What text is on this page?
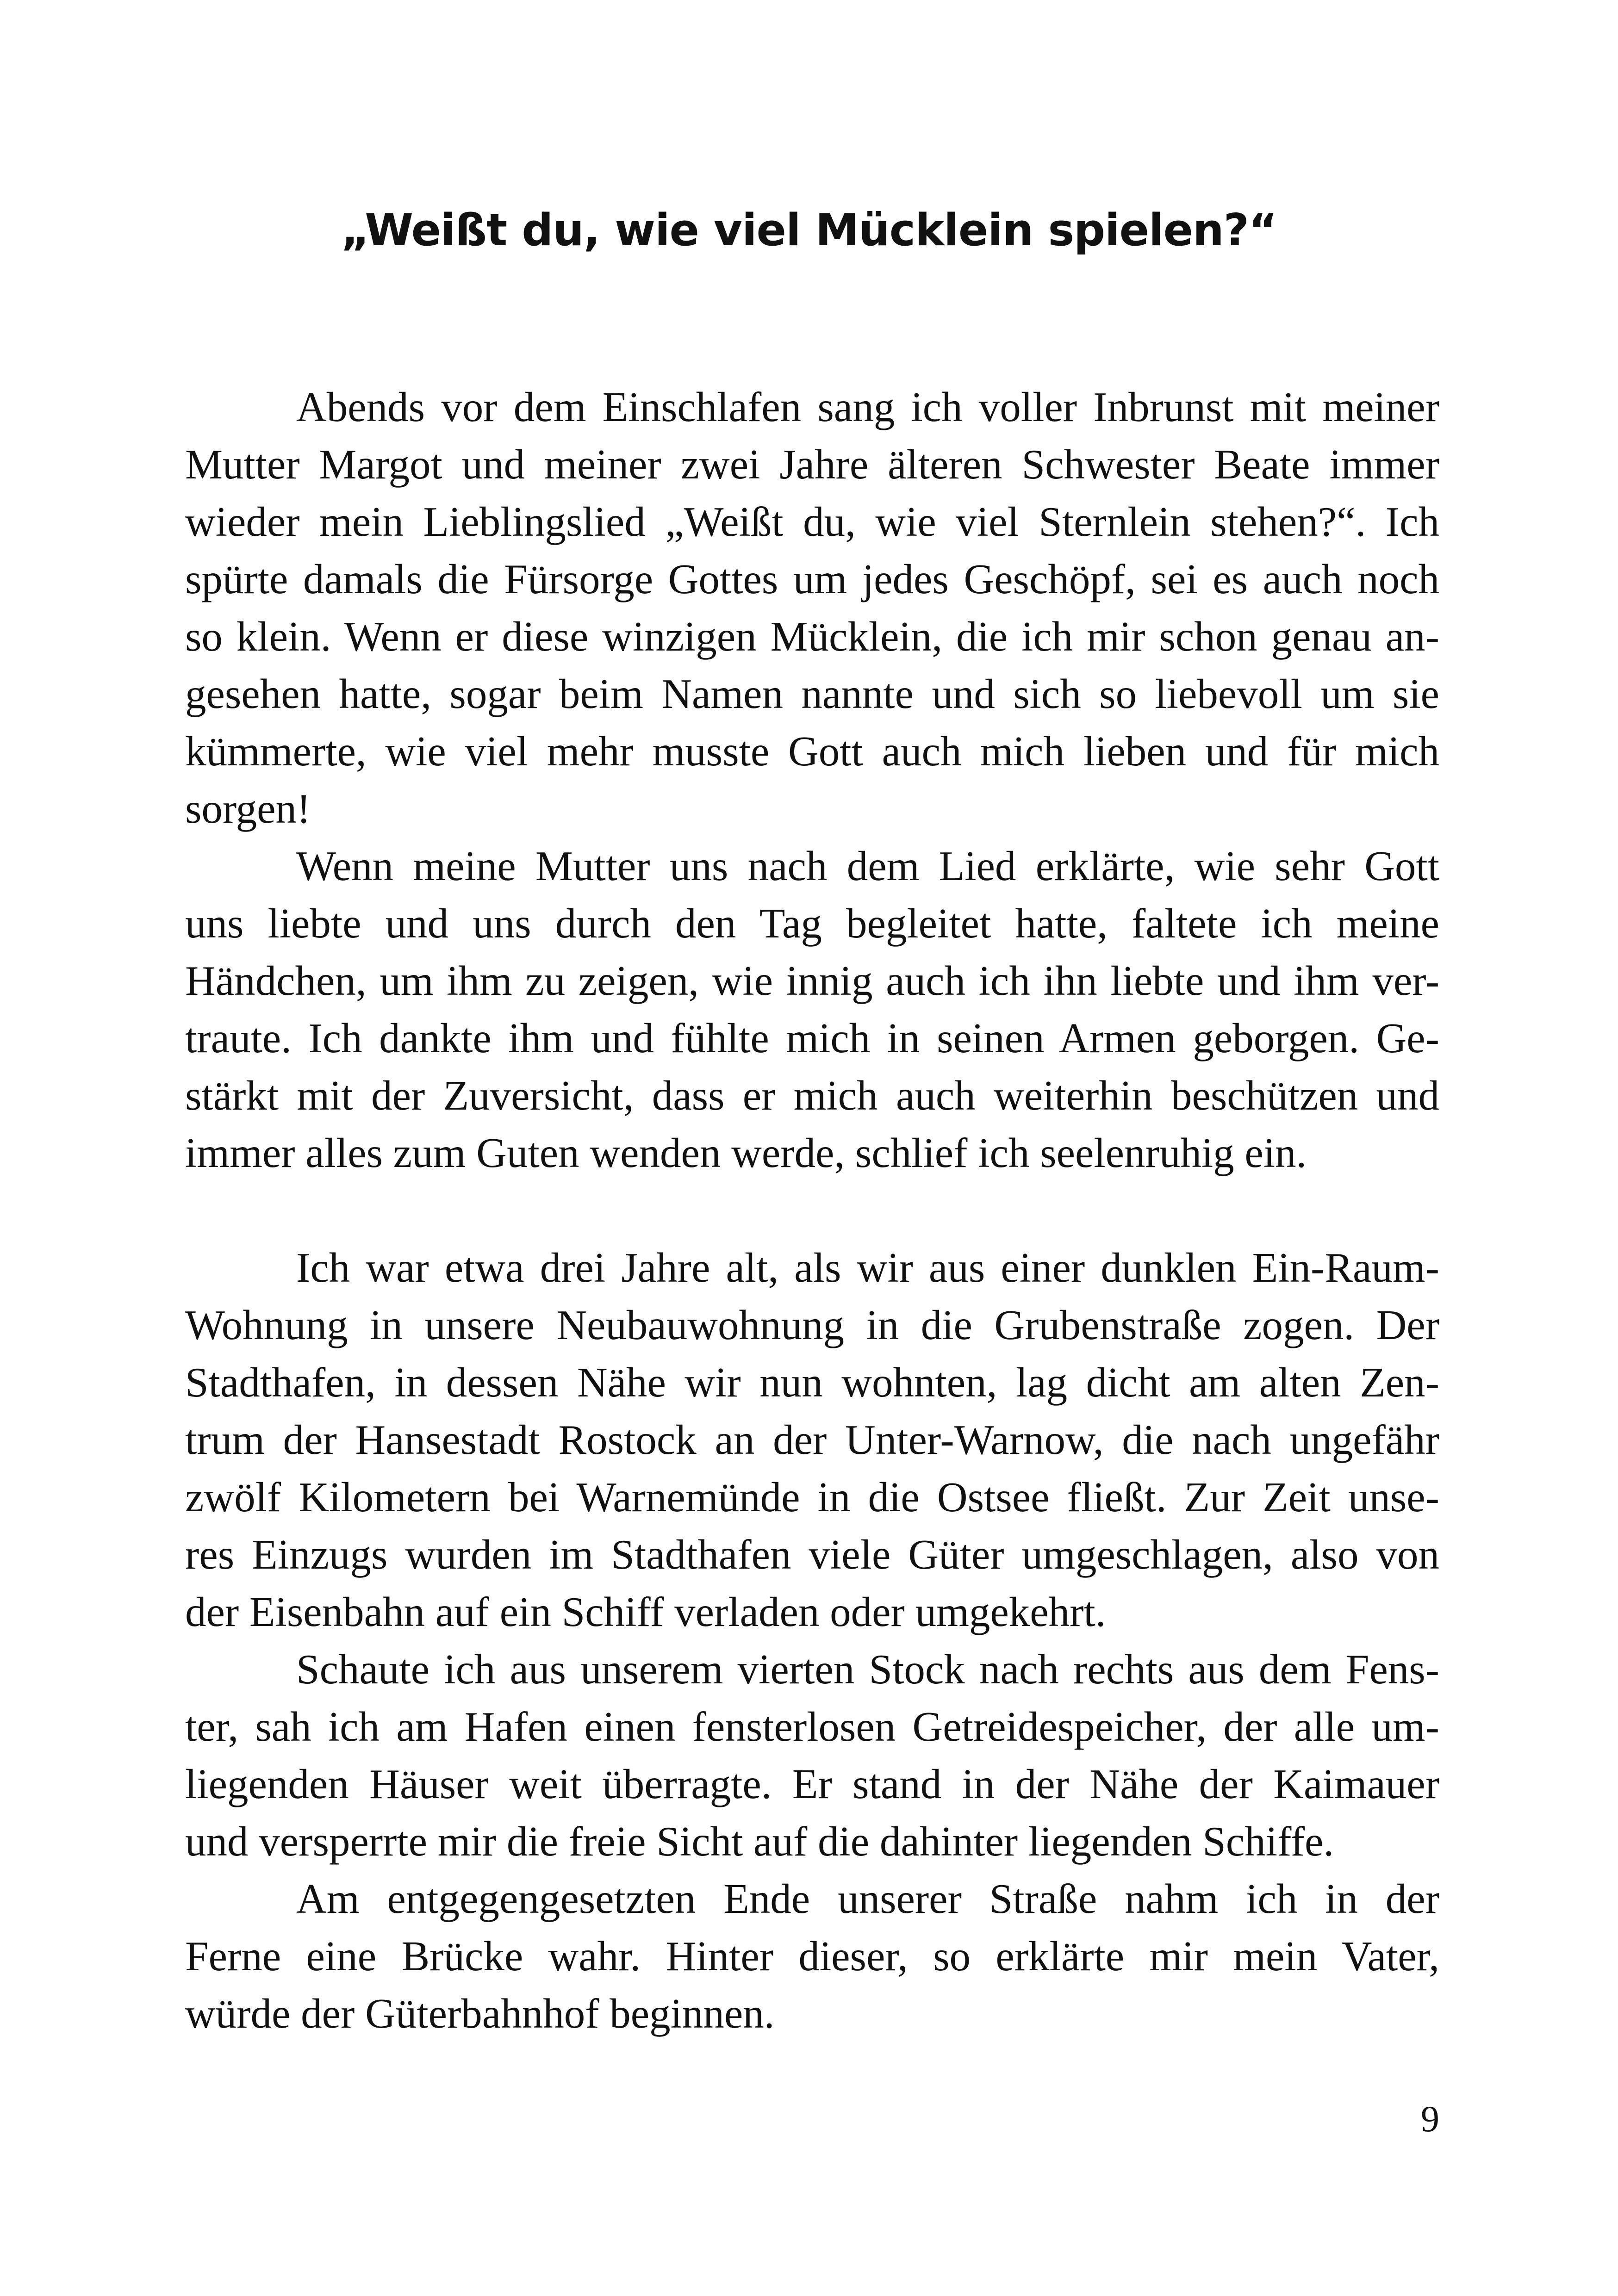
„Weißt du, wie viel Mücklein spielen?“
Abends vor dem Einschlafen sang ich voller Inbrunst mit meiner
Mutter Margot und meiner zwei Jahre älteren Schwester Beate immer
wieder mein Lieblingslied „Weißt du, wie viel Sternlein stehen?“. Ich
spürte damals die Fürsorge Gottes um jedes Geschöpf, sei es auch noch
so klein. Wenn er diese winzigen Mücklein, die ich mir schon genau an-
gesehen hatte, sogar beim Namen nannte und sich so liebevoll um sie
kümmerte, wie viel mehr musste Gott auch mich lieben und für mich
sorgen!
Wenn meine Mutter uns nach dem Lied erklärte, wie sehr Gott
uns liebte und uns durch den Tag begleitet hatte, faltete ich meine
Händchen, um ihm zu zeigen, wie innig auch ich ihn liebte und ihm ver-
traute. Ich dankte ihm und fühlte mich in seinen Armen geborgen. Ge-
stärkt mit der Zuversicht, dass er mich auch weiterhin beschützen und
immer alles zum Guten wenden werde, schlief ich seelenruhig ein.
Ich war etwa drei Jahre alt, als wir aus einer dunklen Ein-Raum-
Wohnung in unsere Neubauwohnung in die Grubenstraße zogen. Der
Stadthafen, in dessen Nähe wir nun wohnten, lag dicht am alten Zen-
trum der Hansestadt Rostock an der Unter-Warnow, die nach ungefähr
zwölf Kilometern bei Warnemünde in die Ostsee fließt. Zur Zeit unse-
res Einzugs wurden im Stadthafen viele Güter umgeschlagen, also von
der Eisenbahn auf ein Schiff verladen oder umgekehrt.
Schaute ich aus unserem vierten Stock nach rechts aus dem Fens-
ter, sah ich am Hafen einen fensterlosen Getreidespeicher, der alle um-
liegenden Häuser weit überragte. Er stand in der Nähe der Kaimauer
und versperrte mir die freie Sicht auf die dahinter liegenden Schiffe.
Am entgegengesetzten Ende unserer Straße nahm ich in der
Ferne eine Brücke wahr. Hinter dieser, so erklärte mir mein Vater,
würde der Güterbahnhof beginnen.
9
